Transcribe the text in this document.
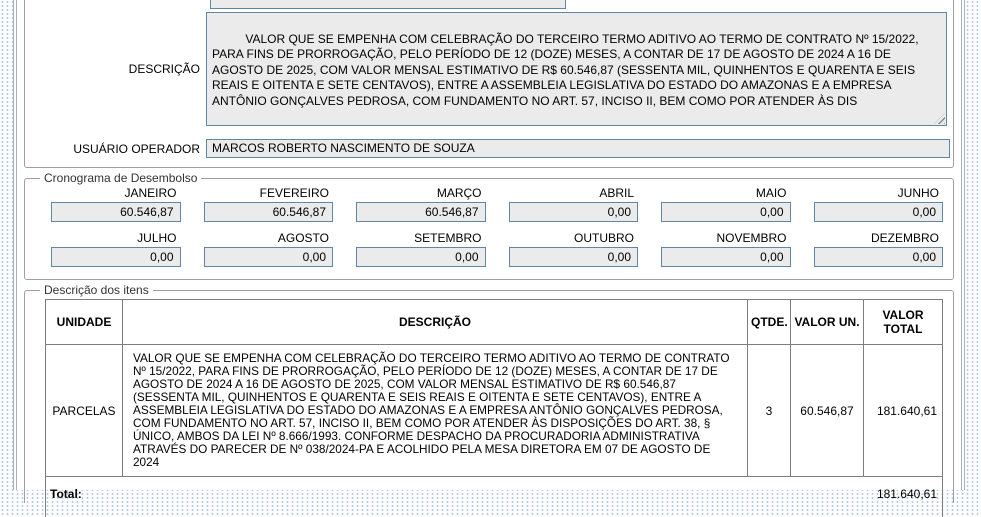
DESCRIÇÃO

VALOR QUE SE EMPENHA COM CELEBRAÇÃO DO TERCEIRO TERMO ADITIVO AO TERMO DE CONTRATO Nº 15/2022, PARA FINS DE PRORROGAÇÃO, PELO PERÍODO DE 12 (DOZE) MESES, A CONTAR DE 17 DE AGOSTO DE 2024 A 16 DE AGOSTO DE 2025, COM VALOR MENSAL ESTIMATIVO DE R$ 60.546,87 (SESSENTA MIL, QUINHENTOS E QUARENTA E SEIS REAIS E OITENTA E SETE CENTAVOS), ENTRE A ASSEMBLEIA LEGISLATIVA DO ESTADO DO AMAZONAS E A EMPRESA ANTÔNIO GONÇALVES PEDROSA, COM FUNDAMENTO NO ART. 57, INCISO II, BEM COMO POR ATENDER ÀS DIS

USUÁRIO OPERADOR	MARCOS ROBERTO NASCIMENTO DE SOUZA
Cronograma de Desembolso
JANEIRO
60.546,87
FEVEREIRO
60.546,87
MARÇO
60.546,87
ABRIL
0,00
MAIO
0,00
JUNHO
0,00
JULHO
0,00
AGOSTO
0,00
SETEMBRO
0,00
OUTUBRO
0,00
NOVEMBRO
0,00
DEZEMBRO
0,00
Descrição dos itens
UNIDADE	DESCRIÇÃO	QTDE.	VALOR UN.	VALOR TOTAL
PARCELAS	VALOR QUE SE EMPENHA COM CELEBRAÇÃO DO TERCEIRO TERMO ADITIVO AO TERMO DE CONTRATO Nº 15/2022, PARA FINS DE PRORROGAÇÃO, PELO PERÍODO DE 12 (DOZE) MESES, A CONTAR DE 17 DE AGOSTO DE 2024 A 16 DE AGOSTO DE 2025, COM VALOR MENSAL ESTIMATIVO DE R$ 60.546,87 (SESSENTA MIL, QUINHENTOS E QUARENTA E SEIS REAIS E OITENTA E SETE CENTAVOS), ENTRE A ASSEMBLEIA LEGISLATIVA DO ESTADO DO AMAZONAS E A EMPRESA ANTÔNIO GONÇALVES PEDROSA, COM FUNDAMENTO NO ART. 57, INCISO II, BEM COMO POR ATENDER ÀS DISPOSIÇÕES DO ART. 38, § ÚNICO, AMBOS DA LEI Nº 8.666/1993. CONFORME DESPACHO DA PROCURADORIA ADMINISTRATIVA ATRAVÉS DO PARECER DE Nº 038/2024-PA E ACOLHIDO PELA MESA DIRETORA EM 07 DE AGOSTO DE 2024	3	60.546,87	181.640,61

Total: 181.640,61				
